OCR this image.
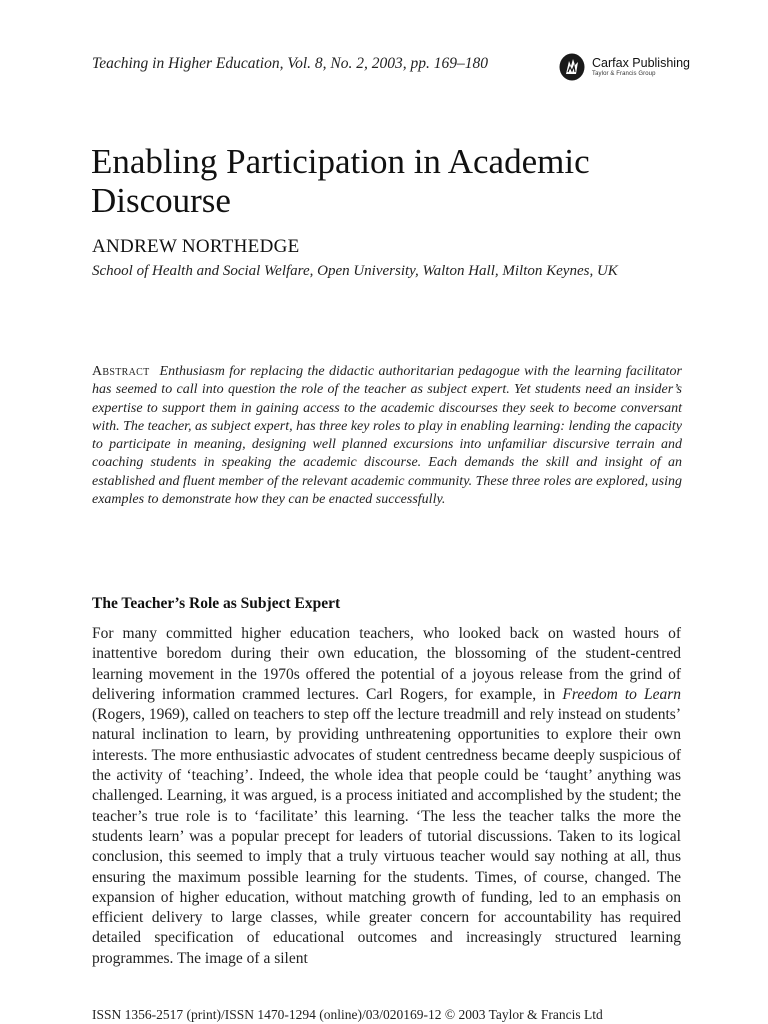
Teaching in Higher Education, Vol. 8, No. 2, 2003, pp. 169–180	Carfax Publishing
Taylor & Francis Group
Enabling Participation in Academic Discourse
ANDREW NORTHEDGE
School of Health and Social Welfare, Open University, Walton Hall, Milton Keynes, UK
Abstract Enthusiasm for replacing the didactic authoritarian pedagogue with the learning facilitator has seemed to call into question the role of the teacher as subject expert. Yet students need an insider’s expertise to support them in gaining access to the academic discourses they seek to become conversant with. The teacher, as subject expert, has three key roles to play in enabling learning: lending the capacity to participate in meaning, designing well planned excursions into unfamiliar discursive terrain and coaching students in speaking the academic discourse. Each demands the skill and insight of an established and fluent member of the relevant academic community. These three roles are explored, using examples to demonstrate how they can be enacted successfully.
The Teacher’s Role as Subject Expert
For many committed higher education teachers, who looked back on wasted hours of inattentive boredom during their own education, the blossoming of the student-centred learning movement in the 1970s offered the potential of a joyous release from the grind of delivering information crammed lectures. Carl Rogers, for example, in Freedom to Learn (Rogers, 1969), called on teachers to step off the lecture treadmill and rely instead on students’ natural inclination to learn, by providing unthreatening opportunities to explore their own interests. The more enthusiastic advocates of student centredness became deeply suspicious of the activity of ‘teaching’. Indeed, the whole idea that people could be ‘taught’ anything was challenged. Learning, it was argued, is a process initiated and accomplished by the student; the teacher’s true role is to ‘facilitate’ this learning. ‘The less the teacher talks the more the students learn’ was a popular precept for leaders of tutorial discussions. Taken to its logical conclusion, this seemed to imply that a truly virtuous teacher would say nothing at all, thus ensuring the maximum possible learning for the students. Times, of course, changed. The expansion of higher education, without matching growth of funding, led to an emphasis on efficient delivery to large classes, while greater concern for accountability has required detailed specification of educational outcomes and increasingly structured learning programmes. The image of a silent
ISSN 1356-2517 (print)/ISSN 1470-1294 (online)/03/020169-12 © 2003 Taylor & Francis Ltd
